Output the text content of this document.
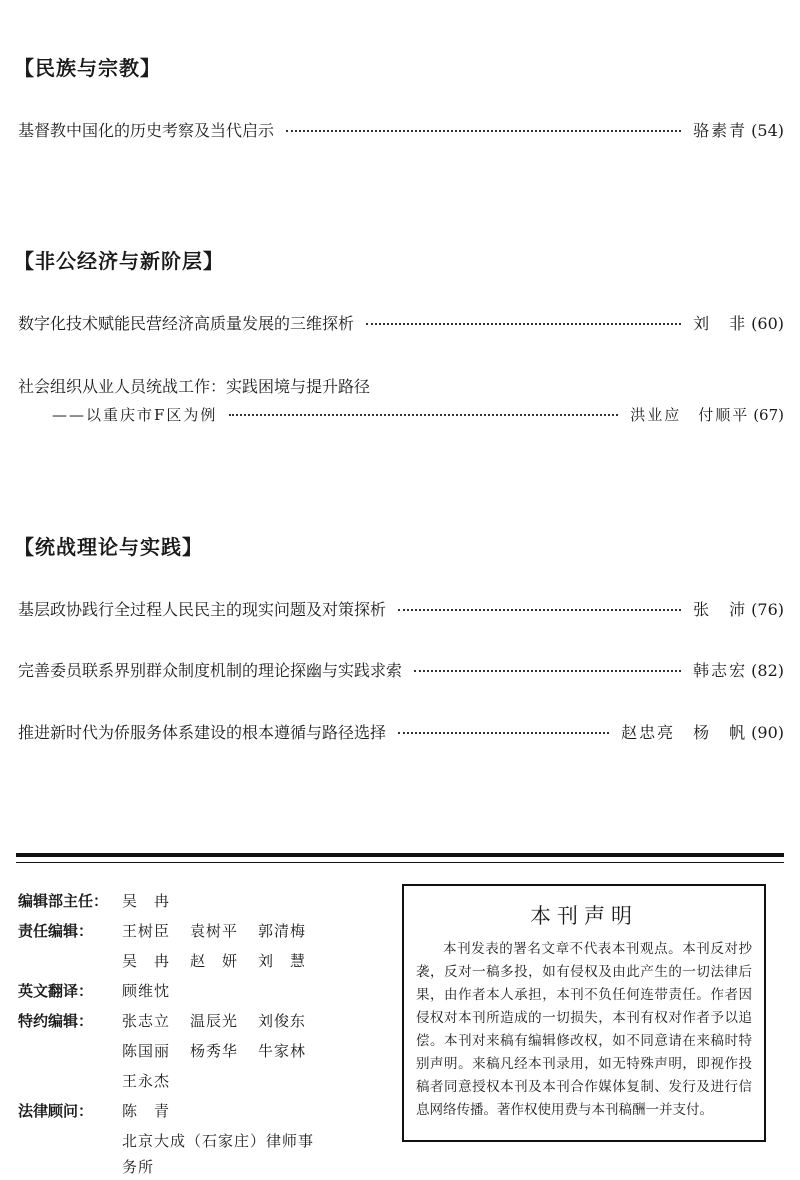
【民族与宗教】
基督教中国化的历史考察及当代启示	骆素青 (54)
【非公经济与新阶层】
数字化技术赋能民营经济高质量发展的三维探析	刘　非 (60)
社会组织从业人员统战工作：实践困境与提升路径
——以重庆市F区为例	洪业应　付顺平 (67)
【统战理论与实践】
基层政协践行全过程人民民主的现实问题及对策探析	张　沛 (76)
完善委员联系界别群众制度机制的理论探幽与实践求索	韩志宏 (82)
推进新时代为侨服务体系建设的根本遵循与路径选择	赵忠亮　杨　帆 (90)
编辑部主任： 吴　冉
责任编辑：	王树臣	袁树平	郭清梅
吴　冉	赵　妍	刘　慧
英文翻译：	顾维忱
特约编辑：	张志立	温辰光	刘俊东
陈国丽	杨秀华	牛家林
王永杰
法律顾问：	陈　青
北京大成（石家庄）律师事务所
本刊声明
本刊发表的署名文章不代表本刊观点。本刊反对抄袭，反对一稿多投，如有侵权及由此产生的一切法律后果，由作者本人承担，本刊不负任何连带责任。作者因侵权对本刊所造成的一切损失，本刊有权对作者予以追偿。本刊对来稿有编辑修改权，如不同意请在来稿时特别声明。来稿凡经本刊录用，如无特殊声明，即视作投稿者同意授权本刊及本刊合作媒体复制、发行及进行信息网络传播。著作权使用费与本刊稿酬一并支付。
